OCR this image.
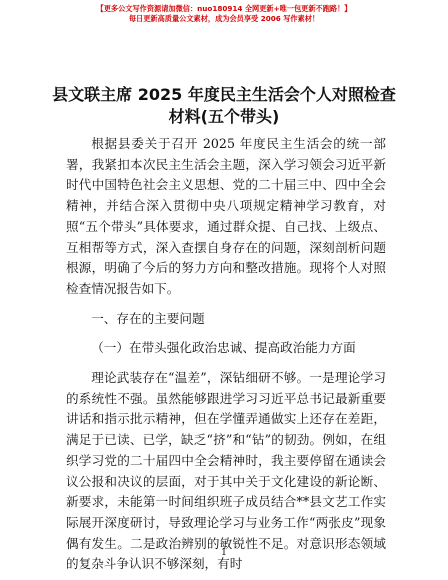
【更多公文写作资源请加微信：nuo180914 全网更新+唯一包更新不跑路！】
每日更新高质量公文素材，成为会员享受 2006 写作素材！
县文联主席 2025 年度民主生活会个人对照检查
材料(五个带头)

根据县委关于召开 2025 年度民主生活会的统一部署，我紧扣本次民主生活会主题，深入学习领会习近平新时代中国特色社会主义思想、党的二十届三中、四中全会精神，并结合深入贯彻中央八项规定精神学习教育，对照“五个带头”具体要求，通过群众提、自己找、上级点、互相帮等方式，深入查摆自身存在的问题，深刻剖析问题根源，明确了今后的努力方向和整改措施。现将个人对照检查情况报告如下。

一、存在的主要问题

（一）在带头强化政治忠诚、提高政治能力方面

理论武装存在“温差”，深钻细研不够。一是理论学习的系统性不强。虽然能够跟进学习习近平总书记最新重要讲话和指示批示精神，但在学懂弄通做实上还存在差距，满足于已读、已学，缺乏“挤”和“钻”的韧劲。例如，在组织学习党的二十届四中全会精神时，我主要停留在通读会议公报和决议的层面，对于其中关于文化建设的新论断、新要求，未能第一时间组织班子成员结合**县文艺工作实际展开深度研讨，导致理论学习与业务工作“两张皮”现象偶有发生。二是政治辨别的敏锐性不足。对意识形态领域的复杂斗争认识不够深刻，有时

1
